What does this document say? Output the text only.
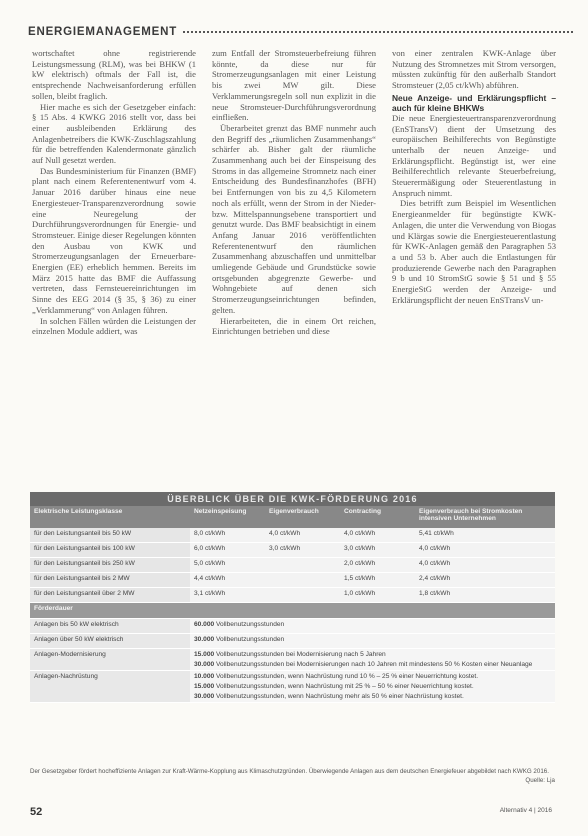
ENERGIEMANAGEMENT

wortschaftet ohne registrierende Leistungsmessung (RLM), was bei BHKW (1 kW elektrisch) oftmals der Fall ist, die entsprechende Nachweisanforderung erfüllen sollen, bleibt fraglich.

Hier mache es sich der Gesetzgeber einfach: § 15 Abs. 4 KWKG 2016 stellt vor, dass bei einer ausbleibenden Erklärung des Anlagenbetreibers die KWK-Zuschlagszahlung für die betreffenden Kalendermonate gänzlich auf Null gesetzt werden.

Das Bundesministerium für Finanzen (BMF) plant nach einem Referentenentwurf vom 4. Januar 2016 darüber hinaus eine neue Energiesteuer-Transparenzverordnung sowie eine Neuregelung der Durchführungsverordnungen für Energie- und Stromsteuer. Einige dieser Regelungen könnten den Ausbau von KWK und Stromerzeugungsanlagen der Erneuerbare-Energien (EE) erheblich hemmen. Bereits im März 2015 hatte das BMF die Auffassung vertreten, dass Fernsteuereinrichtungen im Sinne des EEG 2014 (§ 35, § 36) zu einer „Verklammerung“ von Anlagen führen.

In solchen Fällen würden die Leistungen der einzelnen Module addiert, was

zum Entfall der Stromsteuerbefreiung führen könnte, da diese nur für Stromerzeugungsanlagen mit einer Leistung bis zwei MW gilt. Diese Verklammerungsregeln soll nun explizit in die neue Stromsteuer-Durchführungsverordnung einfließen.

Überarbeitet grenzt das BMF nunmehr auch den Begriff des „räumlichen Zusammenhangs“ schärfer ab. Bisher galt der räumliche Zusammenhang auch bei der Einspeisung des Stroms in das allgemeine Stromnetz nach einer Entscheidung des Bundesfinanzhofes (BFH) bei Entfernungen von bis zu 4,5 Kilometern noch als erfüllt, wenn der Strom in der Nieder- bzw. Mittelspannungsebene transportiert und genutzt wurde. Das BMF beabsichtigt in einem Anfang Januar 2016 veröffentlichten Referentenentwurf den räumlichen Zusammenhang abzuschaffen und unmittelbar umliegende Gebäude und Grundstücke sowie ortsgebunden abgegrenzte Gewerbe- und Wohngebiete auf denen sich Stromerzeugungseinrichtungen befinden, gelten.

Hierarbeiteten, die in einem Ort reichen, Einrichtungen betrieben und diese

von einer zentralen KWK-Anlage über Nutzung des Stromnetzes mit Strom versorgen, müssten zukünftig für den außerhalb Standort Stromsteuer (2,05 ct/kWh) abführen.

Neue Anzeige- und Erklärungspflicht – auch für kleine BHKWs

Die neue Energiesteuertransparenzverordnung (EnSTransV) dient der Umsetzung des europäischen Beihilferechts von Begünstigte unterhalb der neuen Anzeige- und Erklärungspflicht. Begünstigt ist, wer eine Beihilferechtlich relevante Steuerbefreiung, Steuerermäßigung oder Steuerentlastung in Anspruch nimmt.

Dies betrifft zum Beispiel im Wesentlichen Energieanmelder für begünstigte KWK-Anlagen, die unter die Verwendung von Biogas und Klärgas sowie die Energiesteuerentlastung für KWK-Anlagen gemäß den Paragraphen 53 a und 53 b. Aber auch die Entlastungen für produzierende Gewerbe nach den Paragraphen 9 b und 10 StromStG sowie § 51 und § 55 EnergieStG werden der Anzeige- und Erklärungspflicht der neuen EnSTransV un-

ÜBERBLICK ÜBER DIE KWK-FÖRDERUNG 2016
Elektrische Leistungsklasse	Netzeinspeisung	Eigenverbrauch	Contracting	Eigenverbrauch bei Stromkosten intensiven Unternehmen
für den Leistungsanteil bis 50 kW	8,0 ct/kWh	4,0 ct/kWh	4,0 ct/kWh	5,41 ct/kWh
für den Leistungsanteil bis 100 kW	6,0 ct/kWh	3,0 ct/kWh	3,0 ct/kWh	4,0 ct/kWh
für den Leistungsanteil bis 250 kW	5,0 ct/kWh		2,0 ct/kWh	4,0 ct/kWh
für den Leistungsanteil bis 2 MW	4,4 ct/kWh		1,5 ct/kWh	2,4 ct/kWh
für den Leistungsanteil über 2 MW	3,1 ct/kWh		1,0 ct/kWh	1,8 ct/kWh
Förderdauer				
Anlagen bis 50 kW elektrisch	60.000 Vollbenutzungsstunden			
Anlagen über 50 kW elektrisch	30.000 Vollbenutzungsstunden			
Anlagen-Modernisierung	15.000 Vollbenutzungsstunden bei Modernisierung nach 5 Jahren
30.000 Vollbenutzungsstunden bei Modernisierungen nach 10 Jahren mit mindestens 50 % Kosten einer Neuanlage			

Anlagen-Nachrüstung	10.000 Vollbenutzungsstunden, wenn Nachrüstung rund 10 % – 25 % einer Neuerrichtung kostet.
15.000 Vollbenutzungsstunden, wenn Nachrüstung mit 25 % – 50 % einer Neuerrichtung kostet.
30.000 Vollbenutzungsstunden, wenn Nachrüstung mehr als 50 % einer Nachrüstung kostet.			
Der Gesetzgeber fördert hocheffiziente Anlagen zur Kraft-Wärme-Kopplung aus Klimaschutzgründen. Überwiegende Anlagen aus dem deutschen Energiefeuer abgebildet nach KWKG 2016.
Quelle: Lja
52	Alternativ 4 | 2016
